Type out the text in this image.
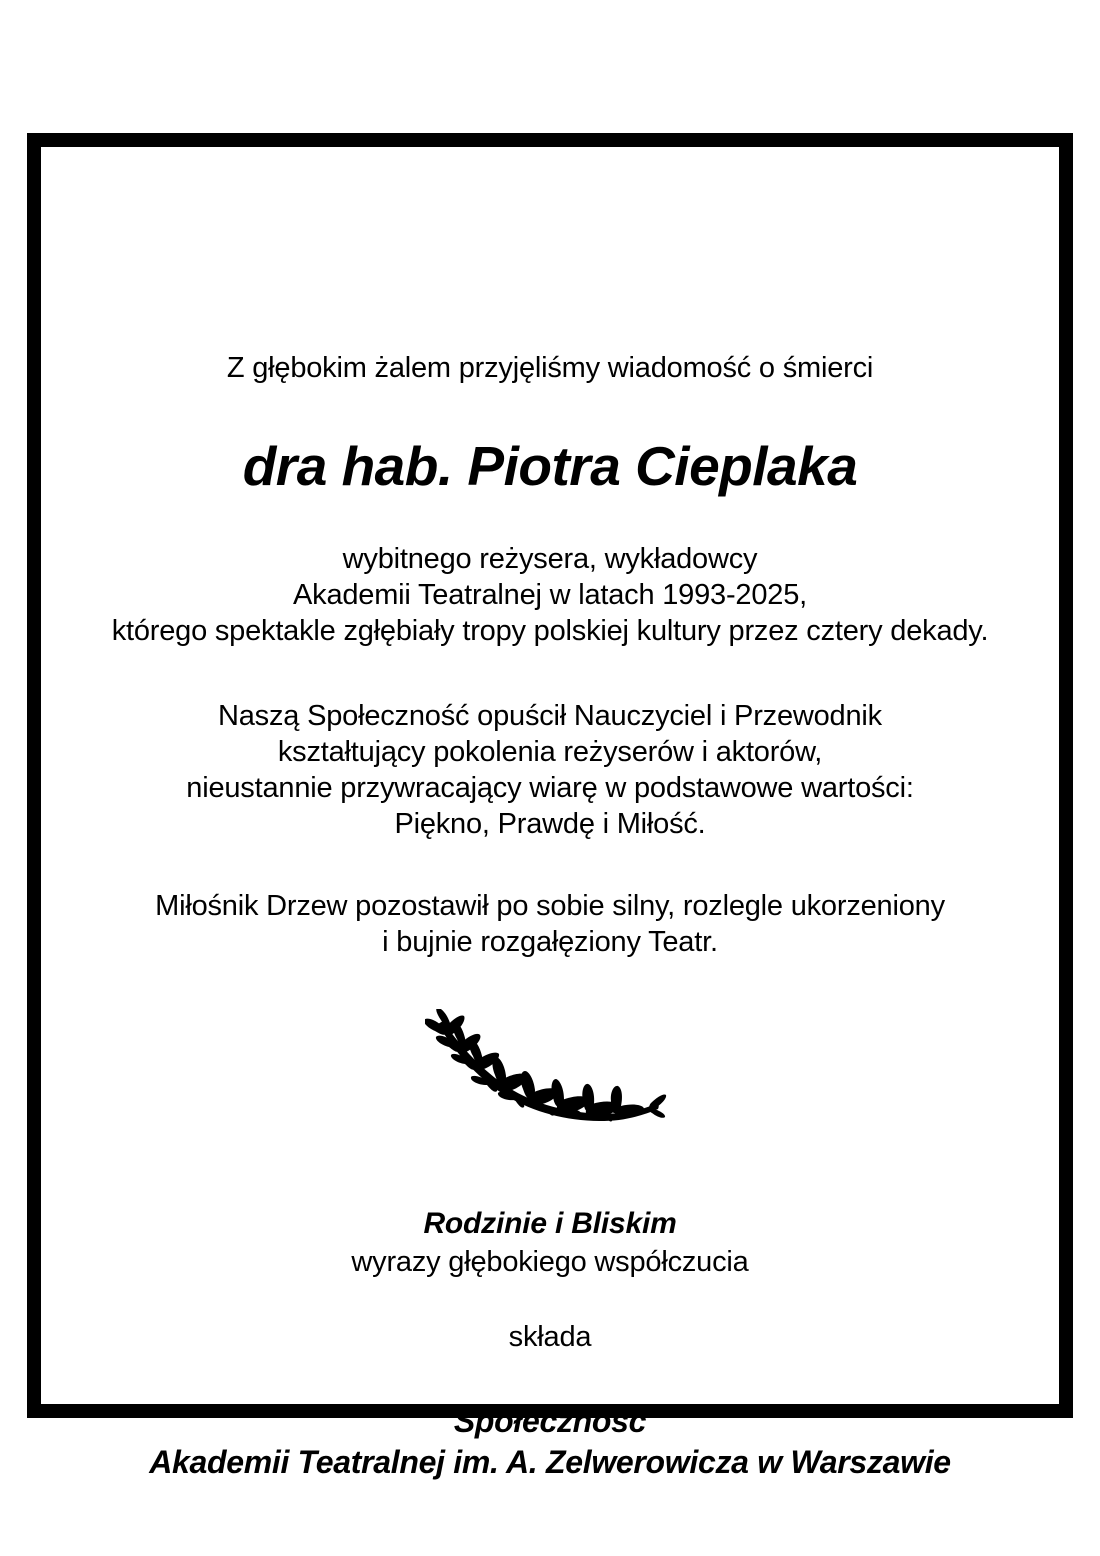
Z głębokim żalem przyjęliśmy wiadomość o śmierci
dra hab. Piotra Cieplaka
wybitnego reżysera, wykładowcy
Akademii Teatralnej w latach 1993-2025,
którego spektakle zgłębiały tropy polskiej kultury przez cztery dekady.
Naszą Społeczność opuścił Nauczyciel i Przewodnik
kształtujący pokolenia reżyserów i aktorów,
nieustannie przywracający wiarę w podstawowe wartości:
Piękno, Prawdę i Miłość.
Miłośnik Drzew pozostawił po sobie silny, rozlegle ukorzeniony
i bujnie rozgałęziony Teatr.
Rodzinie i Bliskim
wyrazy głębokiego współczucia
składa
Społeczność
Akademii Teatralnej im. A. Zelwerowicza w Warszawie
